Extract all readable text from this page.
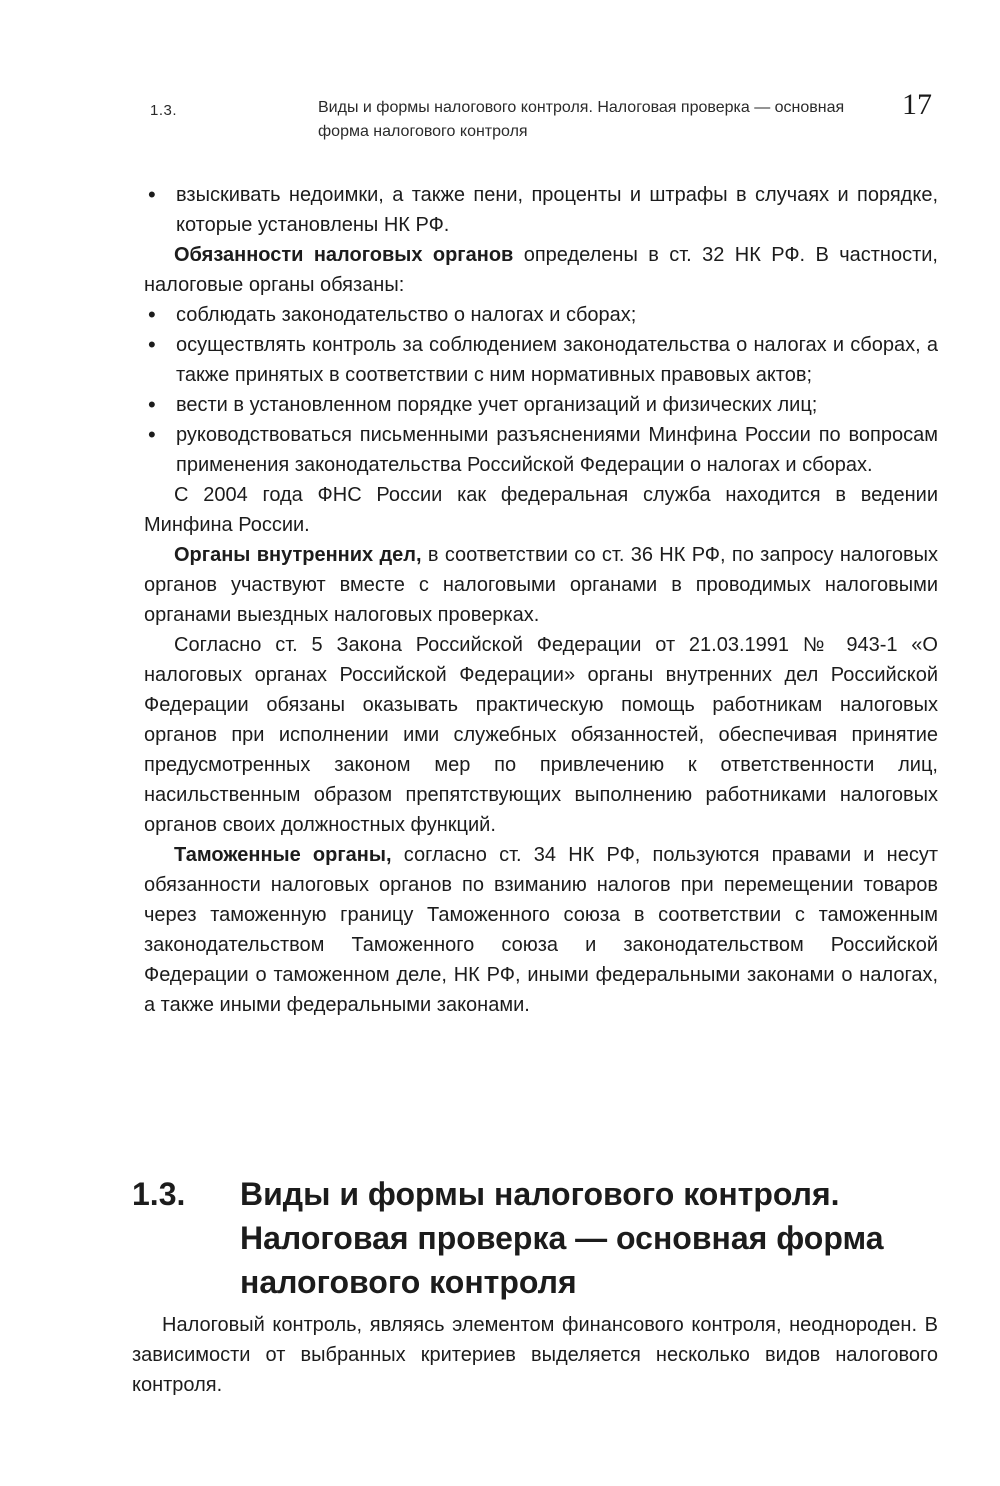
1.3.	Виды и формы налогового контроля. Налоговая проверка — основная форма налогового контроля
17

• взыскивать недоимки, а также пени, проценты и штрафы в случаях и порядке, которые установлены НК РФ.

Обязанности налоговых органов определены в ст. 32 НК РФ. В частности, налоговые органы обязаны:

• соблюдать законодательство о налогах и сборах;

• осуществлять контроль за соблюдением законодательства о налогах и сборах, а также принятых в соответствии с ним нормативных правовых актов;

• вести в установленном порядке учет организаций и физических лиц;

• руководствоваться письменными разъяснениями Минфина России по вопросам применения законодательства Российской Федерации о налогах и сборах.

С 2004 года ФНС России как федеральная служба находится в ведении Минфина России.

Органы внутренних дел, в соответствии со ст. 36 НК РФ, по запросу налоговых органов участвуют вместе с налоговыми органами в проводимых налоговыми органами выездных налоговых проверках.

Согласно ст. 5 Закона Российской Федерации от 21.03.1991 № 943-1 «О налоговых органах Российской Федерации» органы внутренних дел Российской Федерации обязаны оказывать практическую помощь работникам налоговых органов при исполнении ими служебных обязанностей, обеспечивая принятие предусмотренных законом мер по привлечению к ответственности лиц, насильственным образом препятствующих выполнению работниками налоговых органов своих должностных функций.

Таможенные органы, согласно ст. 34 НК РФ, пользуются правами и несут обязанности налоговых органов по взиманию налогов при перемещении товаров через таможенную границу Таможенного союза в соответствии с таможенным законодательством Таможенного союза и законодательством Российской Федерации о таможенном деле, НК РФ, иными федеральными законами о налогах, а также иными федеральными законами.

1.3. Виды и формы налогового контроля. Налоговая проверка — основная форма налогового контроля

Налоговый контроль, являясь элементом финансового контроля, неоднороден. В зависимости от выбранных критериев выделяется несколько видов налогового контроля.
